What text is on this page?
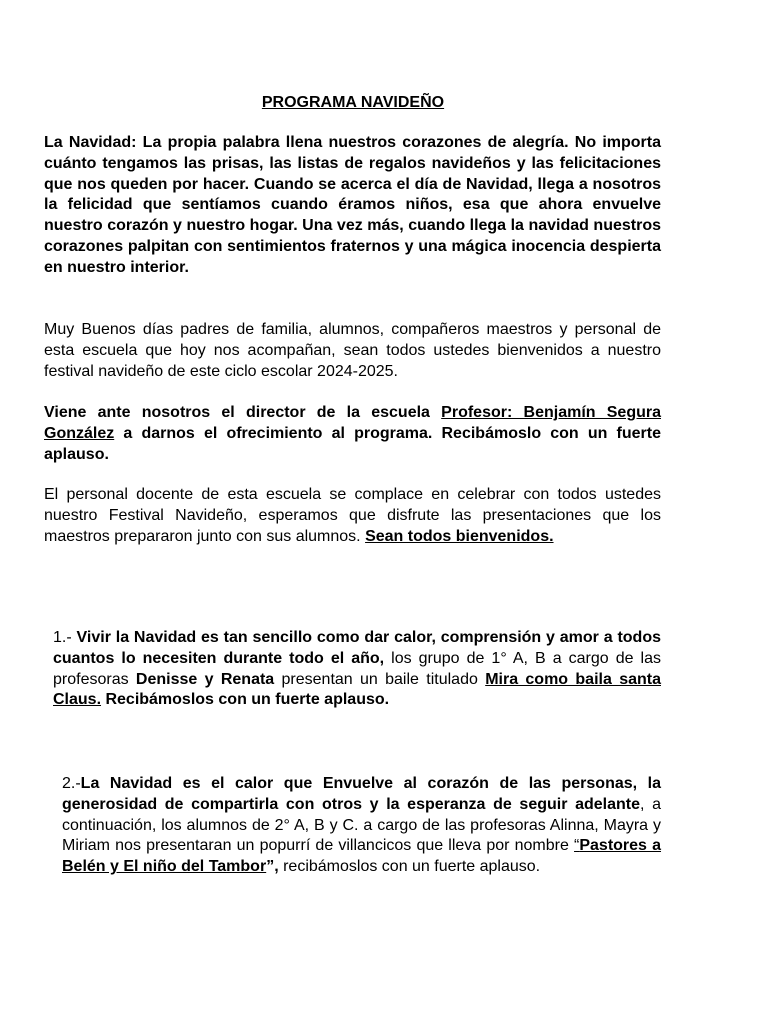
PROGRAMA NAVIDEÑO

La Navidad: La propia palabra llena nuestros corazones de alegría. No importa cuánto tengamos las prisas, las listas de regalos navideños y las felicitaciones que nos queden por hacer. Cuando se acerca el día de Navidad, llega a nosotros la felicidad que sentíamos cuando éramos niños, esa que ahora envuelve nuestro corazón y nuestro hogar. Una vez más, cuando llega la navidad nuestros corazones palpitan con sentimientos fraternos y una mágica inocencia despierta en nuestro interior.

Muy Buenos días padres de familia, alumnos, compañeros maestros y personal de esta escuela que hoy nos acompañan, sean todos ustedes bienvenidos a nuestro festival navideño de este ciclo escolar 2024-2025.

Viene ante nosotros el director de la escuela Profesor: Benjamín Segura González a darnos el ofrecimiento al programa. Recibámoslo con un fuerte aplauso.

El personal docente de esta escuela se complace en celebrar con todos ustedes nuestro Festival Navideño, esperamos que disfrute las presentaciones que los maestros prepararon junto con sus alumnos. Sean todos bienvenidos.

1.- Vivir la Navidad es tan sencillo como dar calor, comprensión y amor a todos cuantos lo necesiten durante todo el año, los grupo de 1° A, B a cargo de las profesoras Denisse y Renata presentan un baile titulado Mira como baila santa Claus. Recibámoslos con un fuerte aplauso.

2.-La Navidad es el calor que Envuelve al corazón de las personas, la generosidad de compartirla con otros y la esperanza de seguir adelante, a continuación, los alumnos de 2° A, B y C. a cargo de las profesoras Alinna, Mayra y Miriam nos presentaran un popurrí de villancicos que lleva por nombre “Pastores a Belén y El niño del Tambor”, recibámoslos con un fuerte aplauso.
